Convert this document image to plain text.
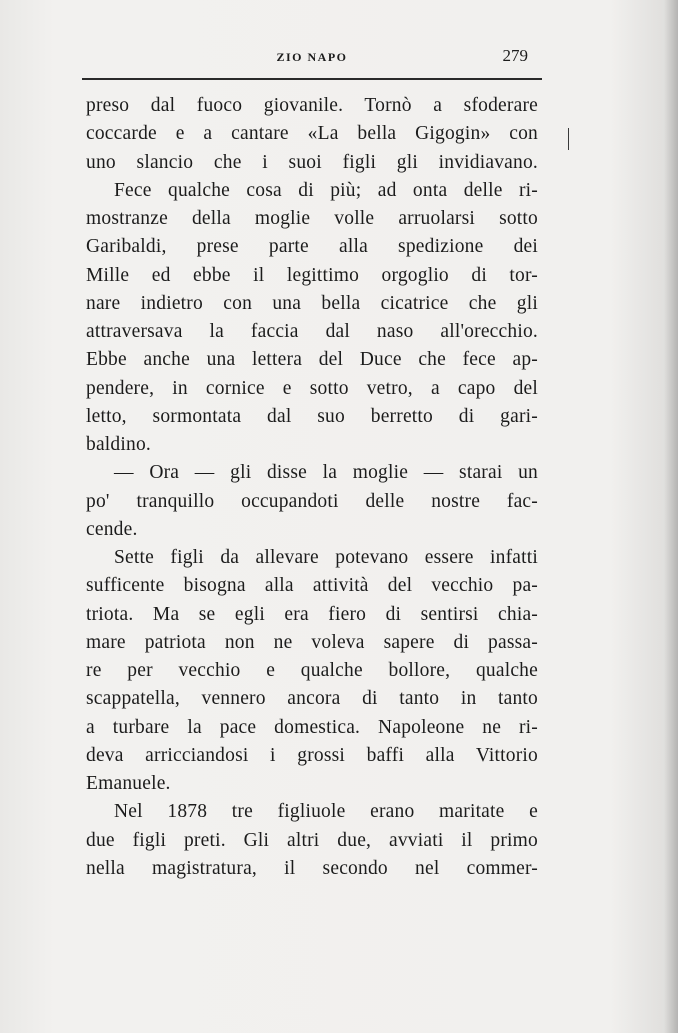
ZIO NAPO	279
preso dal fuoco giovanile. Tornò a sfoderare
coccarde e a cantare «La bella Gigogin» con
uno slancio che i suoi figli gli invidiavano.
Fece qualche cosa di più; ad onta delle ri-
mostranze della moglie volle arruolarsi sotto
Garibaldi, prese parte alla spedizione dei
Mille ed ebbe il legittimo orgoglio di tor-
nare indietro con una bella cicatrice che gli
attraversava la faccia dal naso all'orecchio.
Ebbe anche una lettera del Duce che fece ap-
pendere, in cornice e sotto vetro, a capo del
letto, sormontata dal suo berretto di gari-
baldino.
— Ora — gli disse la moglie — starai un
po' tranquillo occupandoti delle nostre fac-
cende.
Sette figli da allevare potevano essere infatti
sufficente bisogna alla attività del vecchio pa-
triota. Ma se egli era fiero di sentirsi chia-
mare patriota non ne voleva sapere di passa-
re per vecchio e qualche bollore, qualche
scappatella, vennero ancora di tanto in tanto
a turbare la pace domestica. Napoleone ne ri-
deva arricciandosi i grossi baffi alla Vittorio
Emanuele.
Nel 1878 tre figliuole erano maritate e
due figli preti. Gli altri due, avviati il primo
nella magistratura, il secondo nel commer-
